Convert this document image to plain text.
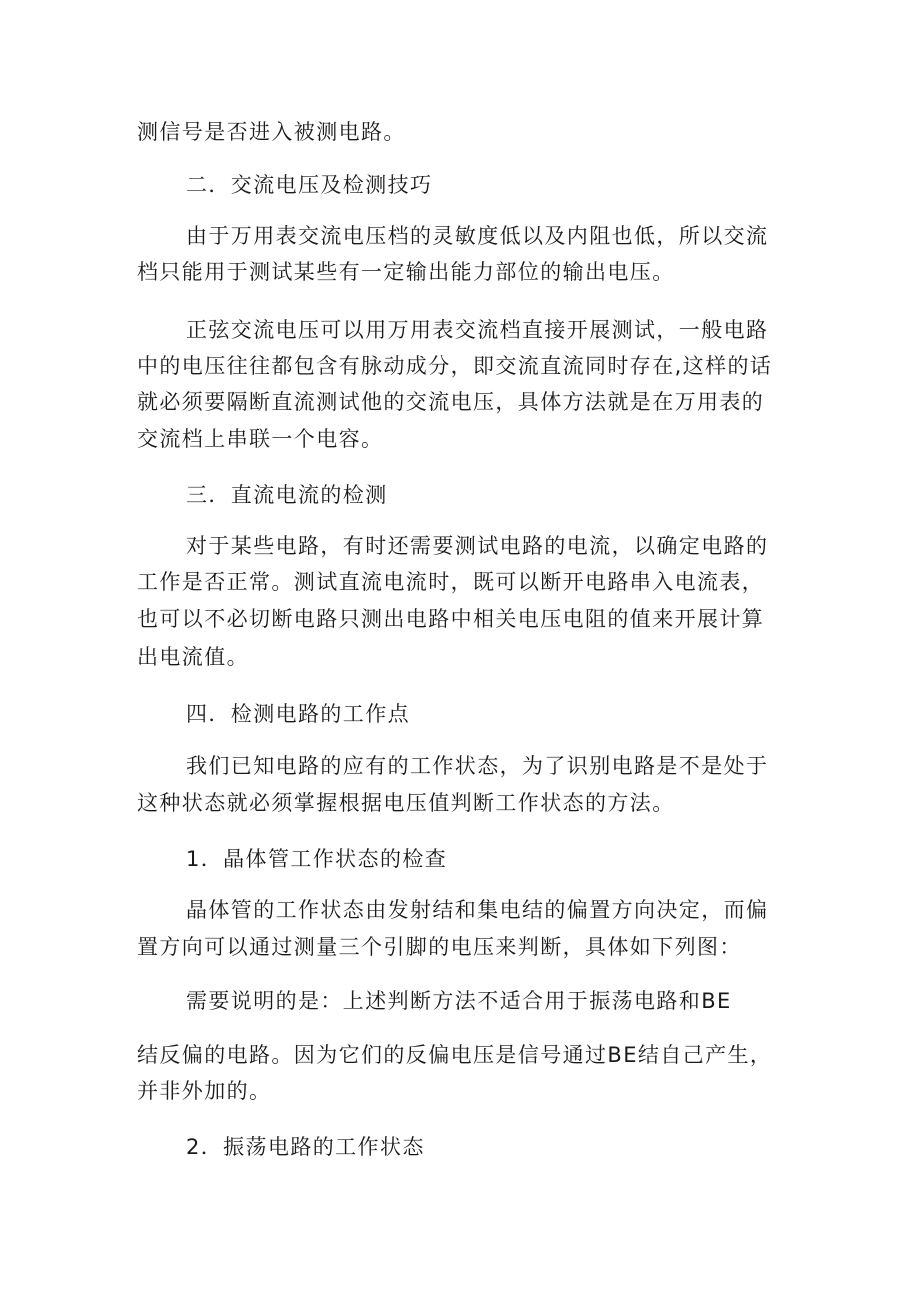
测信号是否进入被测电路。
二．交流电压及检测技巧
由于万用表交流电压档的灵敏度低以及内阻也低，所以交流
档只能用于测试某些有一定输出能力部位的输出电压。
正弦交流电压可以用万用表交流档直接开展测试，一般电路
中的电压往往都包含有脉动成分，即交流直流同时存在,这样的话
就必须要隔断直流测试他的交流电压，具体方法就是在万用表的
交流档上串联一个电容。
三．直流电流的检测
对于某些电路，有时还需要测试电路的电流，以确定电路的
工作是否正常。测试直流电流时，既可以断开电路串入电流表，
也可以不必切断电路只测出电路中相关电压电阻的值来开展计算
出电流值。
四．检测电路的工作点
我们已知电路的应有的工作状态，为了识别电路是不是处于
这种状态就必须掌握根据电压值判断工作状态的方法。
1．晶体管工作状态的检查
晶体管的工作状态由发射结和集电结的偏置方向决定，而偏
置方向可以通过测量三个引脚的电压来判断，具体如下列图：
需要说明的是：上述判断方法不适合用于振荡电路和BE
结反偏的电路。因为它们的反偏电压是信号通过BE结自己产生，
并非外加的。
2．振荡电路的工作状态
